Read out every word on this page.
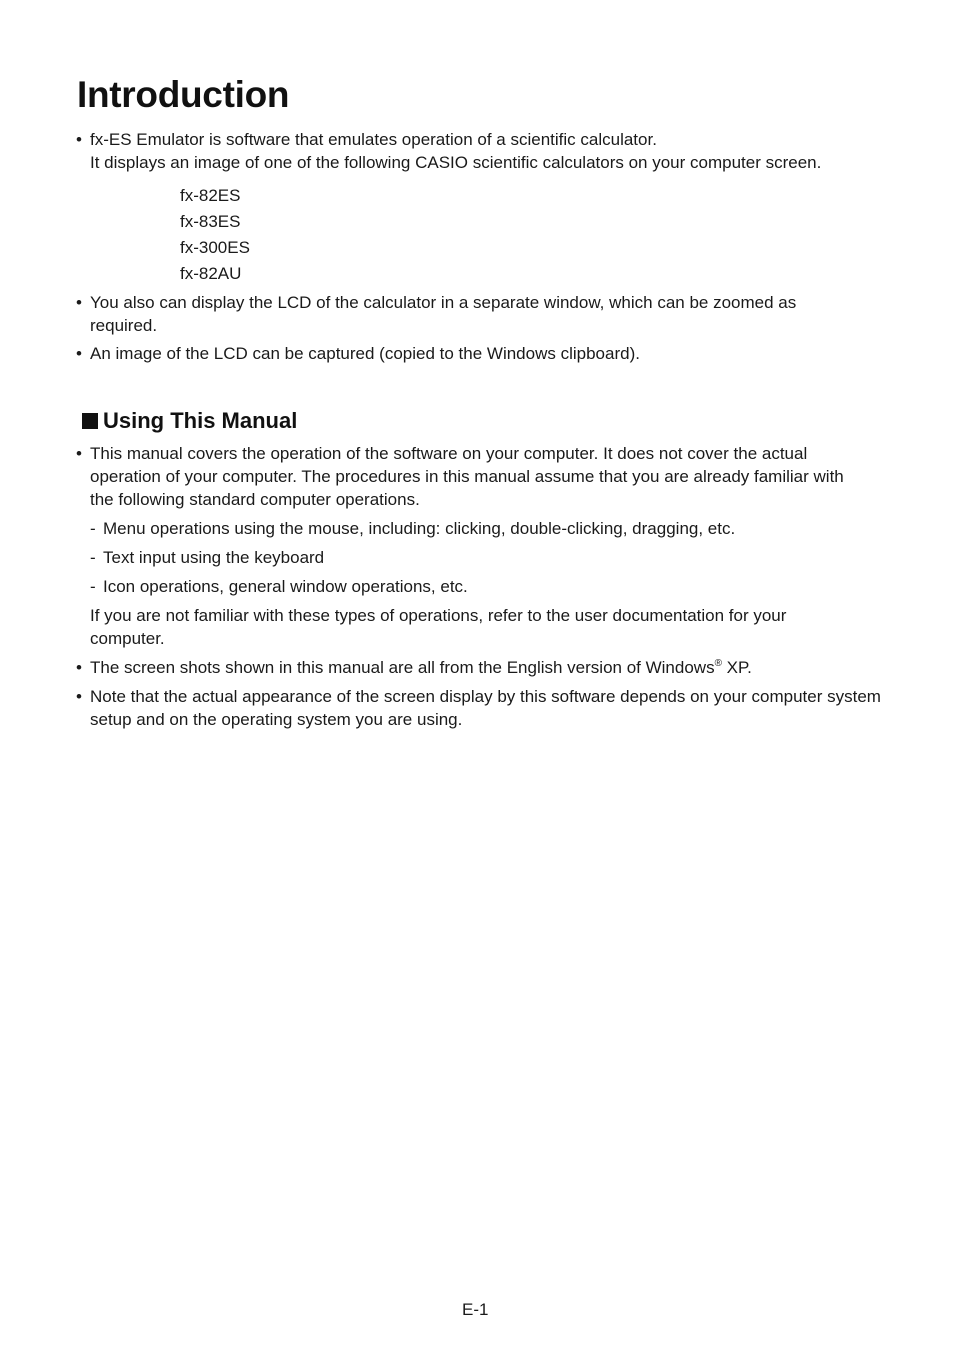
Introduction
• fx-ES Emulator is software that emulates operation of a scientific calculator.
It displays an image of one of the following CASIO scientific calculators on your computer screen.
fx-82ES
fx-83ES
fx-300ES
fx-82AU
• You also can display the LCD of the calculator in a separate window, which can be zoomed as required.
• An image of the LCD can be captured (copied to the Windows clipboard).
Using This Manual
• This manual covers the operation of the software on your computer. It does not cover the actual operation of your computer. The procedures in this manual assume that you are already familiar with the following standard computer operations.
- Menu operations using the mouse, including: clicking, double-clicking, dragging, etc.
- Text input using the keyboard
- Icon operations, general window operations, etc.
If you are not familiar with these types of operations, refer to the user documentation for your computer.
• The screen shots shown in this manual are all from the English version of Windows® XP.
• Note that the actual appearance of the screen display by this software depends on your computer system setup and on the operating system you are using.
E-1
